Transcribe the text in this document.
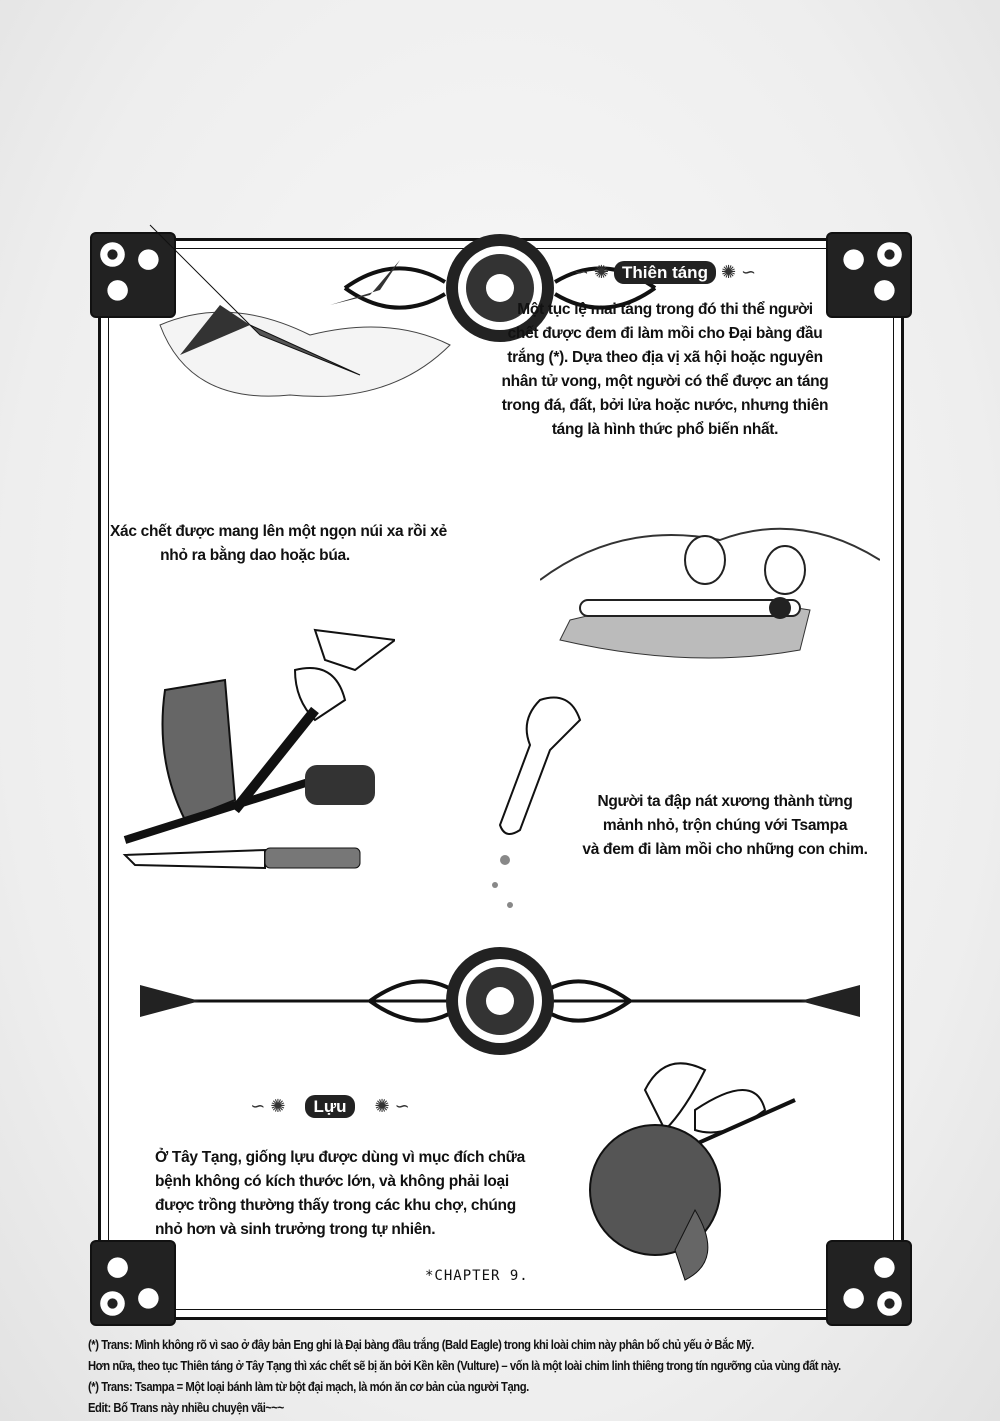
∽ ✺ Thiên táng ✺ ∽
Một tục lệ mai táng trong đó thi thể người
chết được đem đi làm mồi cho Đại bàng đầu
trắng (*). Dựa theo địa vị xã hội hoặc nguyên
nhân tử vong, một người có thể được an táng
trong đá, đất, bởi lửa hoặc nước, nhưng thiên
táng là hình thức phổ biến nhất.
Xác chết được mang lên một ngọn núi xa rồi xẻ
nhỏ ra bằng dao hoặc búa.
Người ta đập nát xương thành từng
mảnh nhỏ, trộn chúng với Tsampa
và đem đi làm mồi cho những con chim.
∽ ✺    Lựu    ✺ ∽
Ở Tây Tạng, giống lựu được dùng vì mục đích chữa
bệnh không có kích thước lớn, và không phải loại
được trồng thường thấy trong các khu chợ, chúng
nhỏ hơn và sinh trưởng trong tự nhiên.
*CHAPTER 9.
(*) Trans: Mình không rõ vì sao ở đây bản Eng ghi là Đại bàng đầu trắng (Bald Eagle) trong khi loài chim này phân bố chủ yếu ở Bắc Mỹ.
Hơn nữa, theo tục Thiên táng ở Tây Tạng thì xác chết sẽ bị ăn bởi Kền kền (Vulture) – vốn là một loài chim linh thiêng trong tín ngưỡng của vùng đất này.
(*) Trans: Tsampa = Một loại bánh làm từ bột đại mạch, là món ăn cơ bản của người Tạng.
Edit: Bố Trans này nhiều chuyện vãi~~~
